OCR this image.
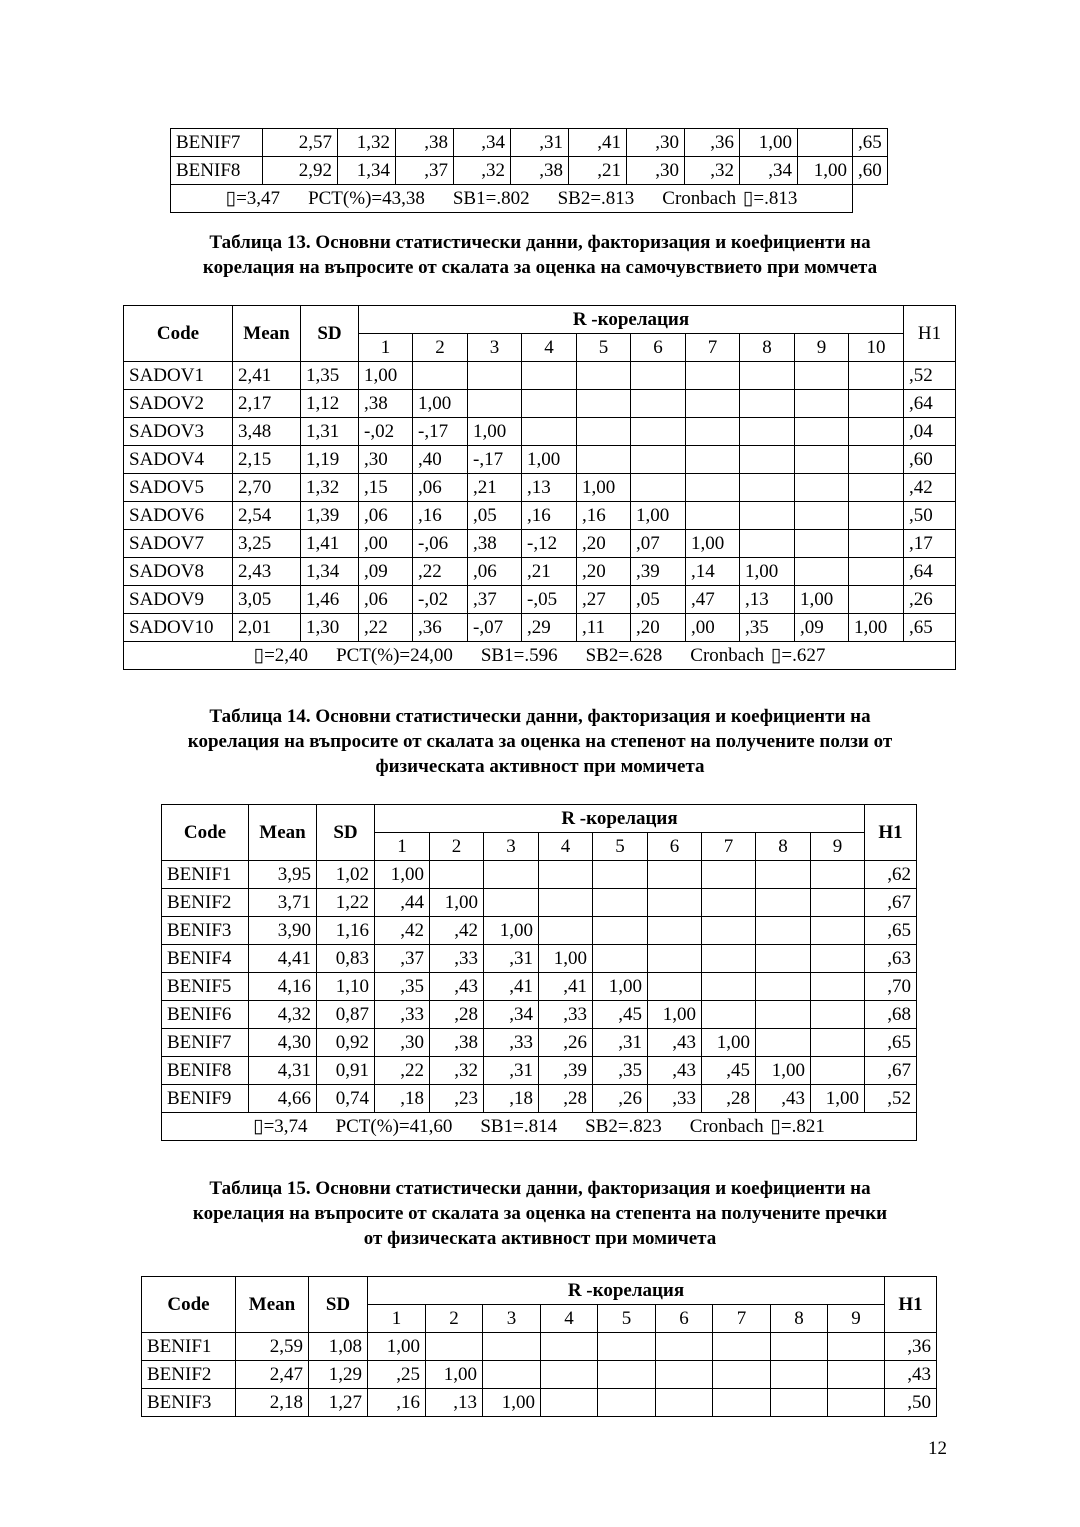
Таблица 13. Основни статистически данни, факторизация и коефициенти на
корелация на въпросите от скалата за оценка на самочувствието при момчета
Таблица 14. Основни статистически данни, факторизация и коефициенти на
корелация на въпросите от скалата за оценка на степенот на получените ползи от
физическата активност при момичета
Таблица 15. Основни статистически данни, факторизация и коефициенти на
корелация на въпросите от скалата за оценка на степента на получените пречки
от физическата активност при момичета
BENIF7	2,57	1,32	,38	,34	,31	,41	,30	,36	1,00		,65
BENIF8	2,92	1,34	,37	,32	,38	,21	,30	,32	,34	1,00	,60
▯=3,47 PCT(%)=43,38 SB1=.802 SB2=.813 Cronbach ▯=.813											
Code	Mean	SD	R -корелация										H1
			1	2	3	4	5	6	7	8	9	10	
SADOV1	2,41	1,35	1,00										,52
SADOV2	2,17	1,12	,38	1,00									,64
SADOV3	3,48	1,31	-,02	-,17	1,00								,04
SADOV4	2,15	1,19	,30	,40	-,17	1,00							,60
SADOV5	2,70	1,32	,15	,06	,21	,13	1,00						,42
SADOV6	2,54	1,39	,06	,16	,05	,16	,16	1,00					,50
SADOV7	3,25	1,41	,00	-,06	,38	-,12	,20	,07	1,00				,17
SADOV8	2,43	1,34	,09	,22	,06	,21	,20	,39	,14	1,00			,64
SADOV9	3,05	1,46	,06	-,02	,37	-,05	,27	,05	,47	,13	1,00		,26
SADOV10	2,01	1,30	,22	,36	-,07	,29	,11	,20	,00	,35	,09	1,00	,65
▯=2,40 PCT(%)=24,00 SB1=.596 SB2=.628 Cronbach ▯=.627													
Code	Mean	SD	R -корелация									H1
			1	2	3	4	5	6	7	8	9	
BENIF1	3,95	1,02	1,00									,62
BENIF2	3,71	1,22	,44	1,00								,67
BENIF3	3,90	1,16	,42	,42	1,00							,65
BENIF4	4,41	0,83	,37	,33	,31	1,00						,63
BENIF5	4,16	1,10	,35	,43	,41	,41	1,00					,70
BENIF6	4,32	0,87	,33	,28	,34	,33	,45	1,00				,68
BENIF7	4,30	0,92	,30	,38	,33	,26	,31	,43	1,00			,65
BENIF8	4,31	0,91	,22	,32	,31	,39	,35	,43	,45	1,00		,67
BENIF9	4,66	0,74	,18	,23	,18	,28	,26	,33	,28	,43	1,00	,52
▯=3,74 PCT(%)=41,60 SB1=.814 SB2=.823 Cronbach ▯=.821												
Code	Mean	SD	R -корелация									H1
			1	2	3	4	5	6	7	8	9	
BENIF1	2,59	1,08	1,00									,36
BENIF2	2,47	1,29	,25	1,00								,43
BENIF3	2,18	1,27	,16	,13	1,00							,50
12
